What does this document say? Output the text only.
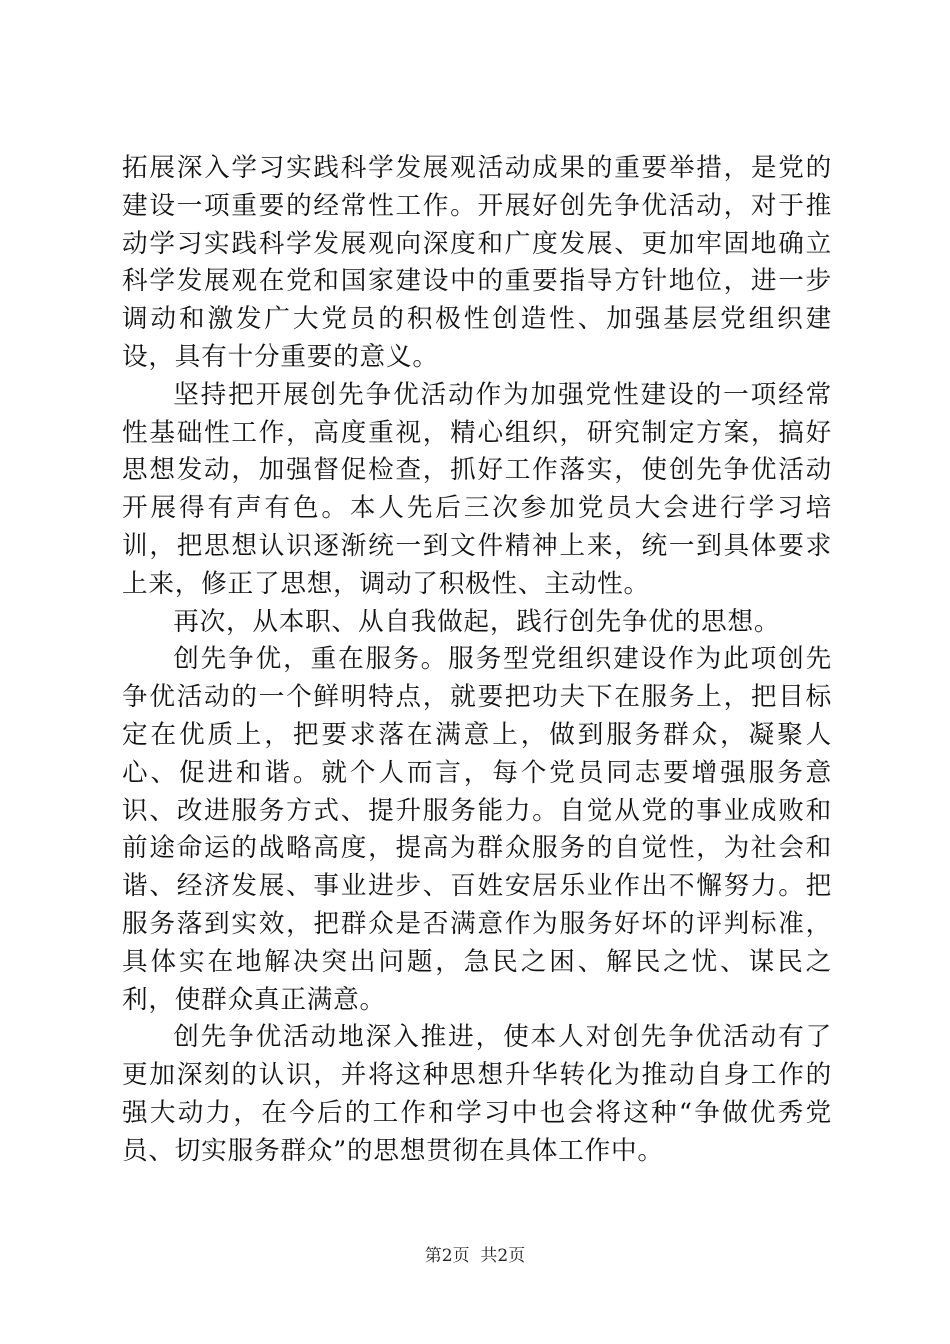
拓展深入学习实践科学发展观活动成果的重要举措，是党的建设一项重要的经常性工作。开展好创先争优活动，对于推动学习实践科学发展观向深度和广度发展、更加牢固地确立科学发展观在党和国家建设中的重要指导方针地位，进一步调动和激发广大党员的积极性创造性、加强基层党组织建设，具有十分重要的意义。

坚持把开展创先争优活动作为加强党性建设的一项经常性基础性工作，高度重视，精心组织，研究制定方案，搞好思想发动，加强督促检查，抓好工作落实，使创先争优活动开展得有声有色。本人先后三次参加党员大会进行学习培训，把思想认识逐渐统一到文件精神上来，统一到具体要求上来，修正了思想，调动了积极性、主动性。

再次，从本职、从自我做起，践行创先争优的思想。

创先争优，重在服务。服务型党组织建设作为此项创先争优活动的一个鲜明特点，就要把功夫下在服务上，把目标定在优质上，把要求落在满意上，做到服务群众，凝聚人心、促进和谐。就个人而言，每个党员同志要增强服务意识、改进服务方式、提升服务能力。自觉从党的事业成败和前途命运的战略高度，提高为群众服务的自觉性，为社会和谐、经济发展、事业进步、百姓安居乐业作出不懈努力。把服务落到实效，把群众是否满意作为服务好坏的评判标准，具体实在地解决突出问题，急民之困、解民之忧、谋民之利，使群众真正满意。

创先争优活动地深入推进，使本人对创先争优活动有了更加深刻的认识，并将这种思想升华转化为推动自身工作的强大动力，在今后的工作和学习中也会将这种“争做优秀党员、切实服务群众”的思想贯彻在具体工作中。

第2页  共2页
